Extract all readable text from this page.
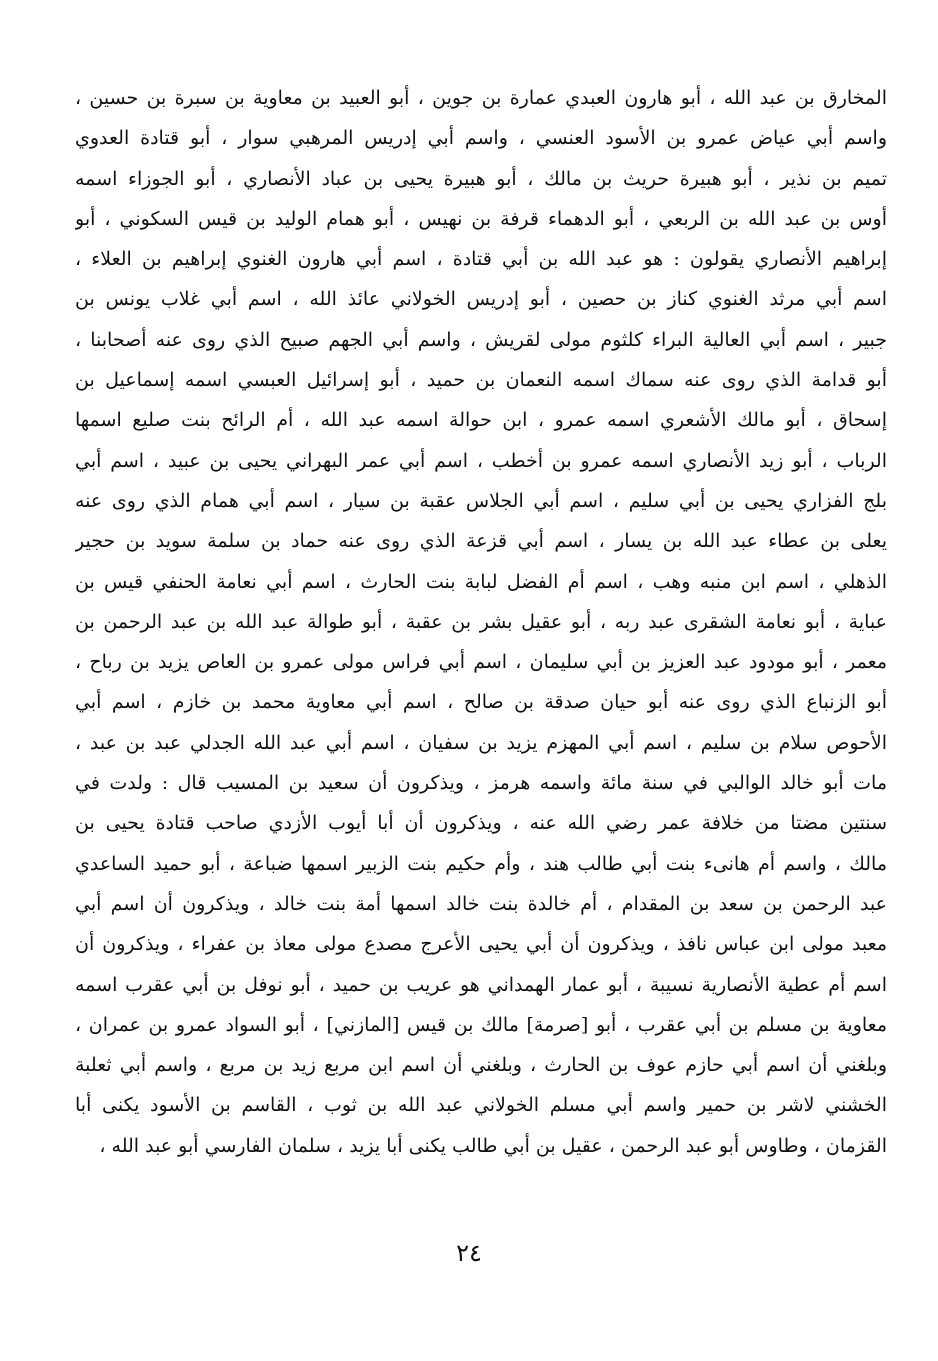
المخارق بن عبد الله ، أبو هارون العبدي عمارة بن جوين ، أبو العبيد بن معاوية بن سبرة بن حسين ،
واسم أبي عياض عمرو بن الأسود العنسي ، واسم أبي إدريس المرهبي سوار ، أبو قتادة العدوي
تميم بن نذير ، أبو هبيرة حريث بن مالك ، أبو هبيرة يحيى بن عباد الأنصاري ، أبو الجوزاء اسمه
أوس بن عبد الله بن الربعي ، أبو الدهماء قرفة بن نهيس ، أبو همام الوليد بن قيس السكوني ، أبو
إبراهيم الأنصاري يقولون : هو عبد الله بن أبي قتادة ، اسم أبي هارون الغنوي إبراهيم بن العلاء ،
اسم أبي مرثد الغنوي كناز بن حصين ، أبو إدريس الخولاني عائذ الله ، اسم أبي غلاب يونس بن
جبير ، اسم أبي العالية البراء كلثوم مولى لقريش ، واسم أبي الجهم صبيح الذي روى عنه أصحابنا ،
أبو قدامة الذي روى عنه سماك اسمه النعمان بن حميد ، أبو إسرائيل العبسي اسمه إسماعيل بن
إسحاق ، أبو مالك الأشعري اسمه عمرو ، ابن حوالة اسمه عبد الله ، أم الرائح بنت صليع اسمها
الرباب ، أبو زيد الأنصاري اسمه عمرو بن أخطب ، اسم أبي عمر البهراني يحيى بن عبيد ، اسم أبي
بلج الفزاري يحيى بن أبي سليم ، اسم أبي الجلاس عقبة بن سيار ، اسم أبي همام الذي روى عنه
يعلى بن عطاء عبد الله بن يسار ، اسم أبي قزعة الذي روى عنه حماد بن سلمة سويد بن حجير
الذهلي ، اسم ابن منبه وهب ، اسم أم الفضل لبابة بنت الحارث ، اسم أبي نعامة الحنفي قيس بن
عباية ، أبو نعامة الشقرى عبد ربه ، أبو عقيل بشر بن عقبة ، أبو طوالة عبد الله بن عبد الرحمن بن
معمر ، أبو مودود عبد العزيز بن أبي سليمان ، اسم أبي فراس مولى عمرو بن العاص يزيد بن رباح ،
أبو الزنباع الذي روى عنه أبو حيان صدقة بن صالح ، اسم أبي معاوية محمد بن خازم ، اسم أبي
الأحوص سلام بن سليم ، اسم أبي المهزم يزيد بن سفيان ، اسم أبي عبد الله الجدلي عبد بن عبد ،
مات أبو خالد الوالبي في سنة مائة واسمه هرمز ، ويذكرون أن سعيد بن المسيب قال : ولدت في
سنتين مضتا من خلافة عمر رضي الله عنه ، ويذكرون أن أبا أيوب الأزدي صاحب قتادة يحيى بن
مالك ، واسم أم هانىء بنت أبي طالب هند ، وأم حكيم بنت الزبير اسمها ضباعة ، أبو حميد الساعدي
عبد الرحمن بن سعد بن المقدام ، أم خالدة بنت خالد اسمها أمة بنت خالد ، ويذكرون أن اسم أبي
معبد مولى ابن عباس نافذ ، ويذكرون أن أبي يحيى الأعرج مصدع مولى معاذ بن عفراء ، ويذكرون أن
اسم أم عطية الأنصارية نسيبة ، أبو عمار الهمداني هو عريب بن حميد ، أبو نوفل بن أبي عقرب اسمه
معاوية بن مسلم بن أبي عقرب ، أبو [صرمة] مالك بن قيس [المازني] ، أبو السواد عمرو بن عمران ،
وبلغني أن اسم أبي حازم عوف بن الحارث ، وبلغني أن اسم ابن مربع زيد بن مربع ، واسم أبي ثعلبة
الخشني لاشر بن حمير واسم أبي مسلم الخولاني عبد الله بن ثوب ، القاسم بن الأسود يكنى أبا
القزمان ، وطاوس أبو عبد الرحمن ، عقيل بن أبي طالب يكنى أبا يزيد ، سلمان الفارسي أبو عبد الله ،
٢٤
